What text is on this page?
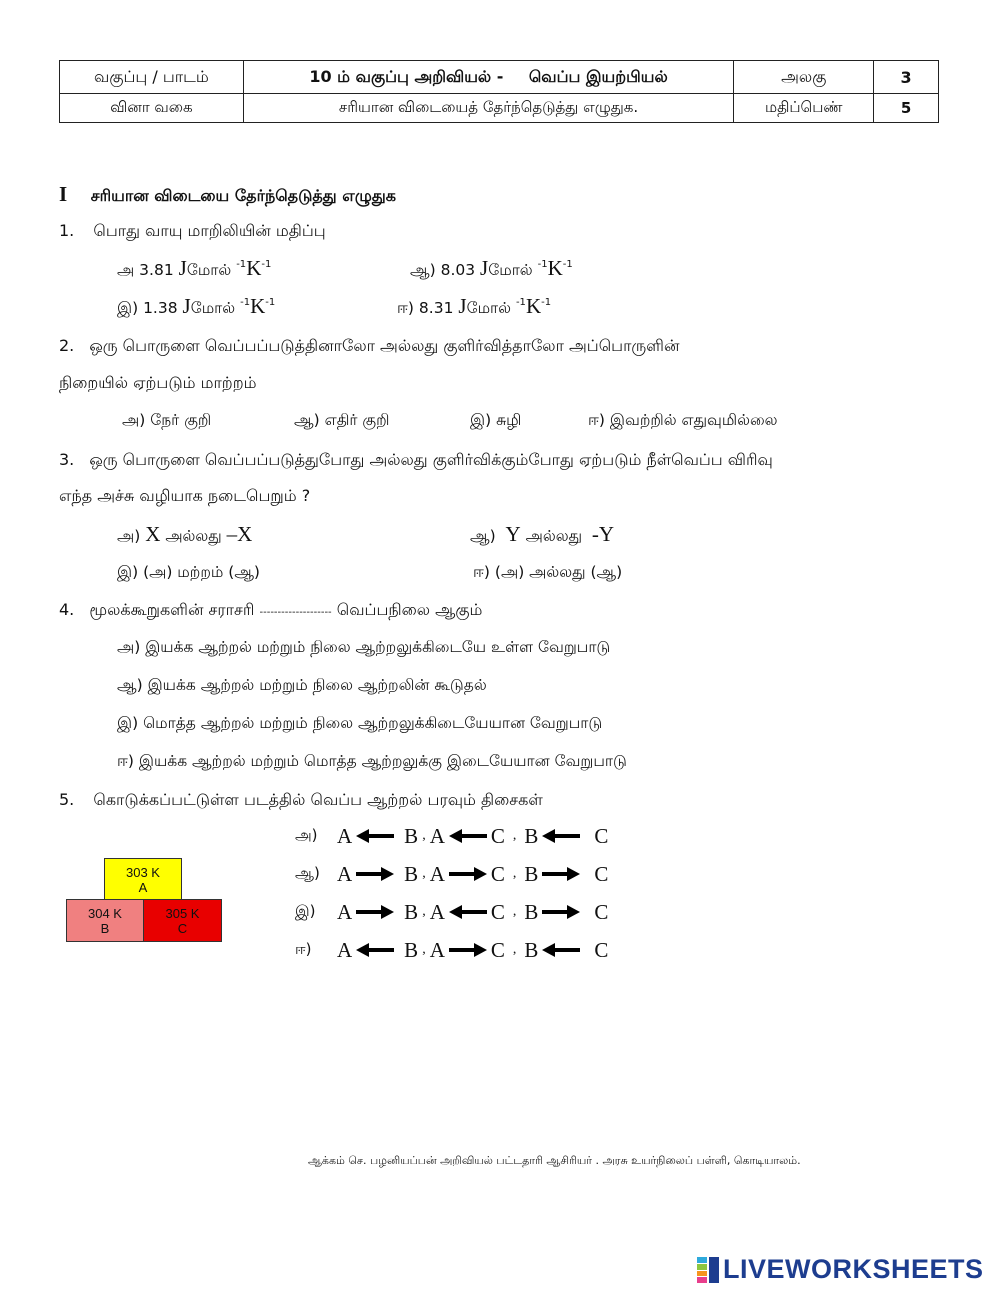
வகுப்பு / பாடம்	10 ம் வகுப்பு அறிவியல் - வெப்ப இயற்பியல்	அலகு	3
வினா வகை	சரியான விடையைத் தேர்ந்தெடுத்து எழுதுக.	மதிப்பெண்	5
I சரியான விடையை தேர்ந்தெடுத்து எழுதுக
1. பொது வாயு மாறிலியின் மதிப்பு
அ 3.81 Jமோல் $^{-1}K^{-1}$	ஆ) 8.03 Jமோல் $^{-1}K^{-1}$
இ) 1.38 Jமோல் $^{-1}K^{-1}$	ஈ) 8.31 Jமோல் $^{-1}K^{-1}$
2. ஒரு பொருளை வெப்பப்படுத்தினாலோ அல்லது குளிர்வித்தாலோ அப்பொருளின்
நிறையில் ஏற்படும் மாற்றம்
அ) நேர் குறி	ஆ) எதிர் குறி	இ) சுழி	ஈ) இவற்றில் எதுவுமில்லை
3. ஒரு பொருளை வெப்பப்படுத்துபோது அல்லது குளிர்விக்கும்போது ஏற்படும் நீள்வெப்ப விரிவு
எந்த அச்சு வழியாக நடைபெறும் ?
அ) X அல்லது –X	ஆ) Y அல்லது -Y
இ) (அ) மற்றம் (ஆ)	ஈ) (அ) அல்லது (ஆ)
4. மூலக்கூறுகளின் சராசரி -------------------- வெப்பநிலை ஆகும்
அ) இயக்க ஆற்றல் மற்றும் நிலை ஆற்றலுக்கிடையே உள்ள வேறுபாடு
ஆ) இயக்க ஆற்றல் மற்றும் நிலை ஆற்றலின் கூடுதல்
இ) மொத்த ஆற்றல் மற்றும் நிலை ஆற்றலுக்கிடையேயான வேறுபாடு
ஈ) இயக்க ஆற்றல் மற்றும் மொத்த ஆற்றலுக்கு இடையேயான வேறுபாடு
5. கொடுக்கப்பட்டுள்ள படத்தில் வெப்ப ஆற்றல் பரவும் திசைகள்
303 K
A
304 K
B
305 K
C
அ) A B , A C , B	C
ஆ) A B , A C , B	C
இ)	A B , A C , B	C
ஈ)	A B , A C , B	C
ஆக்கம் செ. பழனியப்பன் அறிவியல் பட்டதாரி ஆசிரியர் . அரசு உயர்நிலைப் பள்ளி, கொடியாலம்.
LIVEWORKSHEETS
